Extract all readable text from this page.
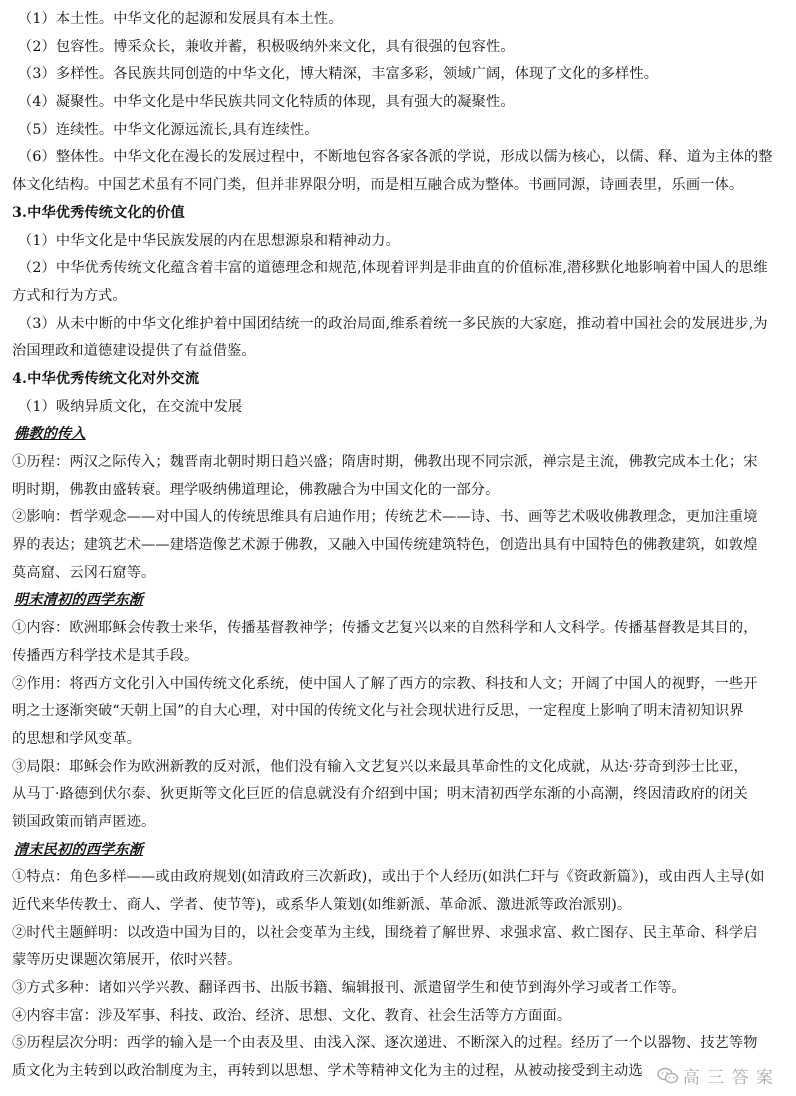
（1）本土性。中华文化的起源和发展具有本土性。
（2）包容性。博采众长，兼收并蓄，积极吸纳外来文化，具有很强的包容性。
（3）多样性。各民族共同创造的中华文化，博大精深，丰富多彩，领域广阔，体现了文化的多样性。
（4）凝聚性。中华文化是中华民族共同文化特质的体现，具有强大的凝聚性。
（5）连续性。中华文化源远流长,具有连续性。
（6）整体性。中华文化在漫长的发展过程中，不断地包容各家各派的学说，形成以儒为核心，以儒、释、道为主体的整
体文化结构。中国艺术虽有不同门类，但并非界限分明，而是相互融合成为整体。书画同源，诗画表里，乐画一体。
3.中华优秀传统文化的价值
（1）中华文化是中华民族发展的内在思想源泉和精神动力。
（2）中华优秀传统文化蕴含着丰富的道德理念和规范,体现着评判是非曲直的价值标准,潜移默化地影响着中国人的思维
方式和行为方式。
（3）从未中断的中华文化维护着中国团结统一的政治局面,维系着统一多民族的大家庭，推动着中国社会的发展进步,为
治国理政和道德建设提供了有益借鉴。
4.中华优秀传统文化对外交流
（1）吸纳异质文化，在交流中发展
佛教的传入
①历程：两汉之际传入；魏晋南北朝时期日趋兴盛；隋唐时期，佛教出现不同宗派，禅宗是主流，佛教完成本土化；宋
明时期，佛教由盛转衰。理学吸纳佛道理论，佛教融合为中国文化的一部分。
②影响：哲学观念——对中国人的传统思维具有启迪作用；传统艺术——诗、书、画等艺术吸收佛教理念，更加注重境
界的表达；建筑艺术——建塔造像艺术源于佛教，又融入中国传统建筑特色，创造出具有中国特色的佛教建筑，如敦煌
莫高窟、云冈石窟等。
明末清初的西学东渐
①内容：欧洲耶稣会传教士来华，传播基督教神学；传播文艺复兴以来的自然科学和人文科学。传播基督教是其目的，
传播西方科学技术是其手段。
②作用：将西方文化引入中国传统文化系统，使中国人了解了西方的宗教、科技和人文；开阔了中国人的视野，一些开
明之士逐渐突破“天朝上国”的自大心理，对中国的传统文化与社会现状进行反思，一定程度上影响了明末清初知识界
的思想和学风变革。
③局限：耶稣会作为欧洲新教的反对派，他们没有输入文艺复兴以来最具革命性的文化成就，从达·芬奇到莎士比亚，
从马丁·路德到伏尔泰、狄更斯等文化巨匠的信息就没有介绍到中国；明末清初西学东渐的小高潮，终因清政府的闭关
锁国政策而销声匿迹。
清末民初的西学东渐
①特点：角色多样——或由政府规划(如清政府三次新政)，或出于个人经历(如洪仁玕与《资政新篇》)，或由西人主导(如
近代来华传教士、商人、学者、使节等)，或系华人策划(如维新派、革命派、激进派等政治派别)。
②时代主题鲜明：以改造中国为目的，以社会变革为主线，围绕着了解世界、求强求富、救亡图存、民主革命、科学启
蒙等历史课题次第展开，依时兴替。
③方式多种：诸如兴学兴教、翻译西书、出版书籍、编辑报刊、派遣留学生和使节到海外学习或者工作等。
④内容丰富：涉及军事、科技、政治、经济、思想、文化、教育、社会生活等方方面面。
⑤历程层次分明：西学的输入是一个由表及里、由浅入深、逐次递进、不断深入的过程。经历了一个以器物、技艺等物
质文化为主转到以政治制度为主，再转到以思想、学术等精神文化为主的过程，从被动接受到主动选	高 三 答 案
